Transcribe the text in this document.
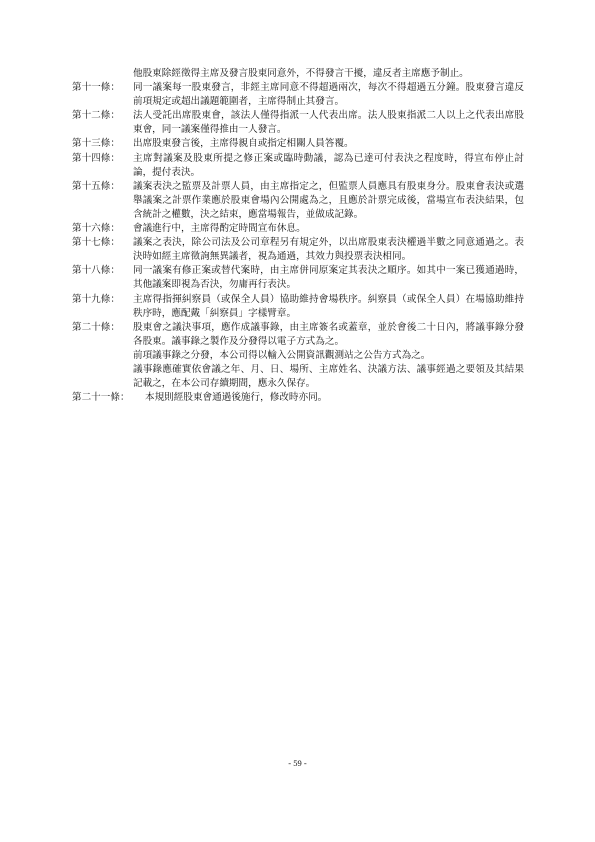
他股東除經徵得主席及發言股東同意外，不得發言干擾，違反者主席應予制止。

第十一條：	同一議案每一股東發言，非經主席同意不得超過兩次，每次不得超過五分鐘。股東發言違反前項規定或超出議題範圍者，主席得制止其發言。

第十二條：	法人受託出席股東會，該法人僅得指派一人代表出席。法人股東指派二人以上之代表出席股東會，同一議案僅得推由一人發言。

第十三條：	出席股東發言後，主席得親自或指定相關人員答覆。

第十四條：	主席對議案及股東所提之修正案或臨時動議，認為已達可付表決之程度時，得宣布停止討論，提付表決。

第十五條：	議案表決之監票及計票人員，由主席指定之，但監票人員應具有股東身分。股東會表決或選舉議案之計票作業應於股東會場內公開處為之，且應於計票完成後，當場宣布表決結果，包含統計之權數，決之結束，應當場報告，並做成記錄。

第十六條：	會議進行中，主席得酌定時間宣布休息。

第十七條：	議案之表決，除公司法及公司章程另有規定外，以出席股東表決權過半數之同意通過之。表決時如經主席徵詢無異議者，視為通過，其效力與投票表決相同。

第十八條：	同一議案有修正案或替代案時，由主席併同原案定其表決之順序。如其中一案已獲通過時，其他議案即視為否決，勿庸再行表決。

第十九條：	主席得指揮糾察員（或保全人員）協助維持會場秩序。糾察員（或保全人員）在場協助維持秩序時，應配戴「糾察員」字樣臂章。

第二十條：	股東會之議決事項，應作成議事錄，由主席簽名或蓋章，並於會後二十日內，將議事錄分發各股東。議事錄之製作及分發得以電子方式為之。

前項議事錄之分發，本公司得以輸入公開資訊觀測站之公告方式為之。

議事錄應確實依會議之年、月、日、場所、主席姓名、決議方法、議事經過之要領及其結果記載之，在本公司存續期間，應永久保存。

第二十一條：	本規則經股東會通過後施行，修改時亦同。

- 59 -
